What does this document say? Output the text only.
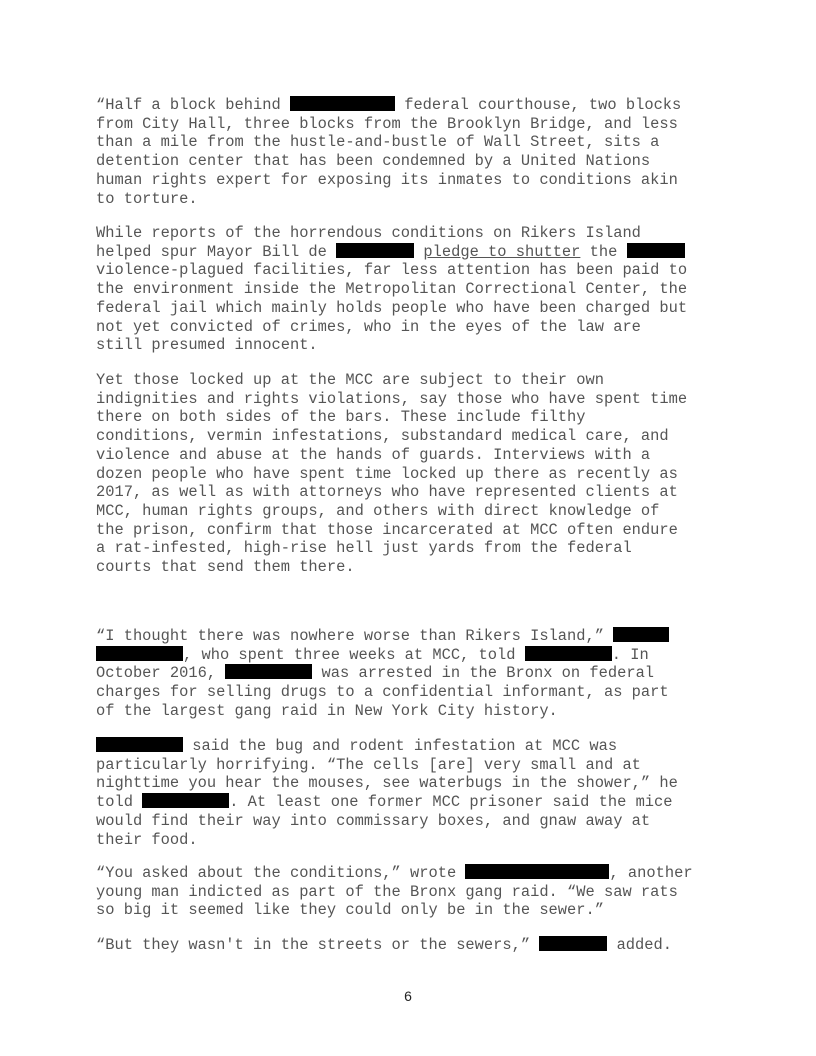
“Half a block behind	federal courthouse, two blocks
from City Hall, three blocks from the Brooklyn Bridge, and less
than a mile from the hustle-and-bustle of Wall Street, sits a
detention center that has been condemned by a United Nations
human rights expert for exposing its inmates to conditions akin
to torture.

While reports of the horrendous conditions on Rikers Island
helped spur Mayor Bill de	pledge to shutter the
violence-plagued facilities, far less attention has been paid to
the environment inside the Metropolitan Correctional Center, the
federal jail which mainly holds people who have been charged but
not yet convicted of crimes, who in the eyes of the law are
still presumed innocent.

Yet those locked up at the MCC are subject to their own
indignities and rights violations, say those who have spent time
there on both sides of the bars. These include filthy
conditions, vermin infestations, substandard medical care, and
violence and abuse at the hands of guards. Interviews with a
dozen people who have spent time locked up there as recently as
2017, as well as with attorneys who have represented clients at
MCC, human rights groups, and others with direct knowledge of
the prison, confirm that those incarcerated at MCC often endure
a rat-infested, high-rise hell just yards from the federal
courts that send them there.

“I thought there was nowhere worse than Rikers Island,”
, who spent three weeks at MCC, told	. In
October 2016,	was arrested in the Bronx on federal
charges for selling drugs to a confidential informant, as part
of the largest gang raid in New York City history.

said the bug and rodent infestation at MCC was
particularly horrifying. “The cells [are] very small and at
nighttime you hear the mouses, see waterbugs in the shower,” he
told	. At least one former MCC prisoner said the mice
would find their way into commissary boxes, and gnaw away at
their food.

“You asked about the conditions,” wrote	, another
young man indicted as part of the Bronx gang raid. “We saw rats
so big it seemed like they could only be in the sewer.”

“But they wasn't in the streets or the sewers,”	added.

6
